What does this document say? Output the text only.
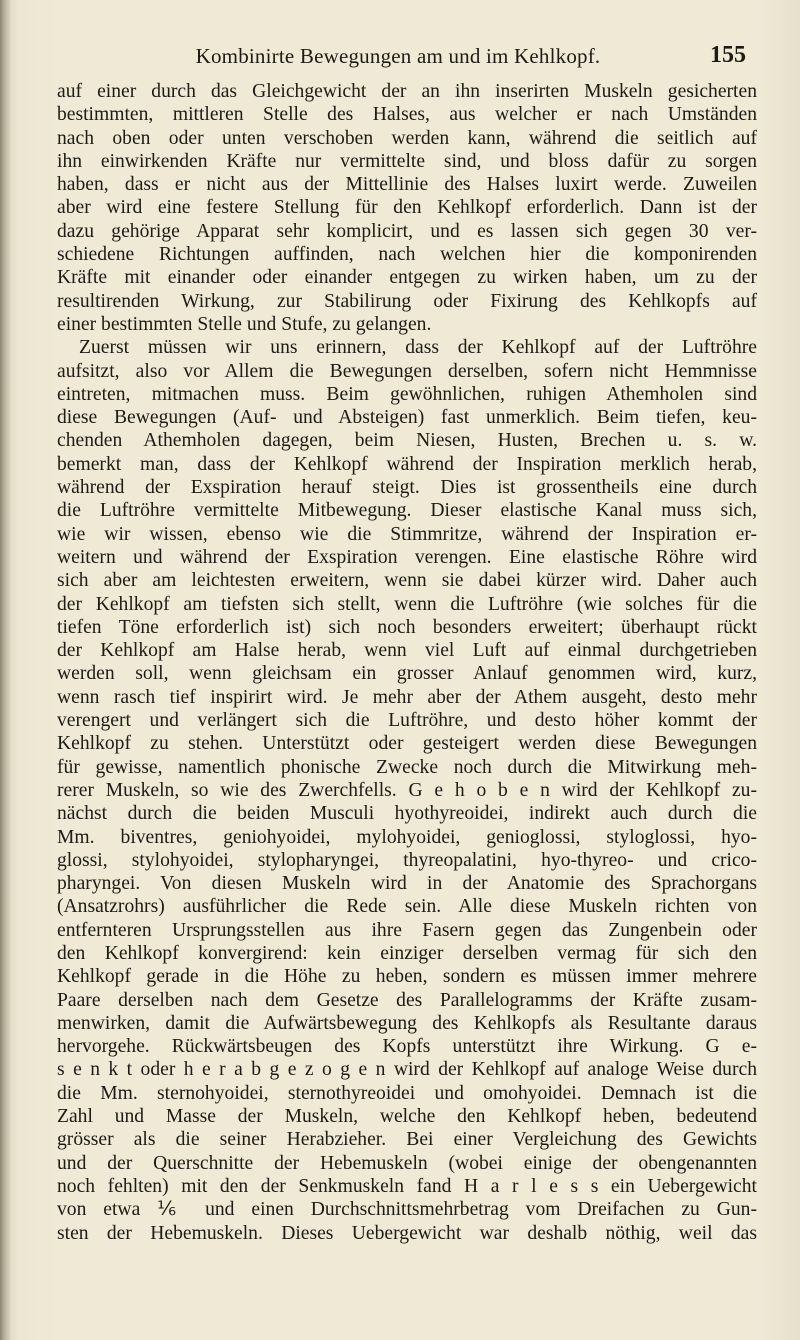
Kombinirte Bewegungen am und im Kehlkopf.	155
auf einer durch das Gleichgewicht der an ihn inserirten Muskeln gesicherten
bestimmten, mittleren Stelle des Halses, aus welcher er nach Umständen
nach oben oder unten verschoben werden kann, während die seitlich auf
ihn einwirkenden Kräfte nur vermittelte sind, und bloss dafür zu sorgen
haben, dass er nicht aus der Mittellinie des Halses luxirt werde. Zuweilen
aber wird eine festere Stellung für den Kehlkopf erforderlich. Dann ist der
dazu gehörige Apparat sehr komplicirt, und es lassen sich gegen 30 ver-
schiedene Richtungen auffinden, nach welchen hier die komponirenden
Kräfte mit einander oder einander entgegen zu wirken haben, um zu der
resultirenden Wirkung, zur Stabilirung oder Fixirung des Kehlkopfs auf
einer bestimmten Stelle und Stufe, zu gelangen.
Zuerst müssen wir uns erinnern, dass der Kehlkopf auf der Luftröhre
aufsitzt, also vor Allem die Bewegungen derselben, sofern nicht Hemmnisse
eintreten, mitmachen muss. Beim gewöhnlichen, ruhigen Athemholen sind
diese Bewegungen (Auf- und Absteigen) fast unmerklich. Beim tiefen, keu-
chenden Athemholen dagegen, beim Niesen, Husten, Brechen u. s. w.
bemerkt man, dass der Kehlkopf während der Inspiration merklich herab,
während der Exspiration herauf steigt. Dies ist grossentheils eine durch
die Luftröhre vermittelte Mitbewegung. Dieser elastische Kanal muss sich,
wie wir wissen, ebenso wie die Stimmritze, während der Inspiration er-
weitern und während der Exspiration verengen. Eine elastische Röhre wird
sich aber am leichtesten erweitern, wenn sie dabei kürzer wird. Daher auch
der Kehlkopf am tiefsten sich stellt, wenn die Luftröhre (wie solches für die
tiefen Töne erforderlich ist) sich noch besonders erweitert; überhaupt rückt
der Kehlkopf am Halse herab, wenn viel Luft auf einmal durchgetrieben
werden soll, wenn gleichsam ein grosser Anlauf genommen wird, kurz,
wenn rasch tief inspirirt wird. Je mehr aber der Athem ausgeht, desto mehr
verengert und verlängert sich die Luftröhre, und desto höher kommt der
Kehlkopf zu stehen. Unterstützt oder gesteigert werden diese Bewegungen
für gewisse, namentlich phonische Zwecke noch durch die Mitwirkung meh-
rerer Muskeln, so wie des Zwerchfells. G e h o b e n wird der Kehlkopf zu-
nächst durch die beiden Musculi hyothyreoidei, indirekt auch durch die
Mm. biventres, geniohyoidei, mylohyoidei, genioglossi, styloglossi, hyo-
glossi, stylohyoidei, stylopharyngei, thyreopalatini, hyo-thyreo- und crico-
pharyngei. Von diesen Muskeln wird in der Anatomie des Sprachorgans
(Ansatzrohrs) ausführlicher die Rede sein. Alle diese Muskeln richten von
entfernteren Ursprungsstellen aus ihre Fasern gegen das Zungenbein oder
den Kehlkopf konvergirend: kein einziger derselben vermag für sich den
Kehlkopf gerade in die Höhe zu heben, sondern es müssen immer mehrere
Paare derselben nach dem Gesetze des Parallelogramms der Kräfte zusam-
menwirken, damit die Aufwärtsbewegung des Kehlkopfs als Resultante daraus
hervorgehe. Rückwärtsbeugen des Kopfs unterstützt ihre Wirkung. G e-
s e n k t oder h e r a b g e z o g e n wird der Kehlkopf auf analoge Weise durch
die Mm. sternohyoidei, sternothyreoidei und omohyoidei. Demnach ist die
Zahl und Masse der Muskeln, welche den Kehlkopf heben, bedeutend
grösser als die seiner Herabzieher. Bei einer Vergleichung des Gewichts
und der Querschnitte der Hebemuskeln (wobei einige der obengenannten
noch fehlten) mit den der Senkmuskeln fand H a r l e s s ein Uebergewicht
von etwa ⅙ und einen Durchschnittsmehrbetrag vom Dreifachen zu Gun-
sten der Hebemuskeln. Dieses Uebergewicht war deshalb nöthig, weil das
